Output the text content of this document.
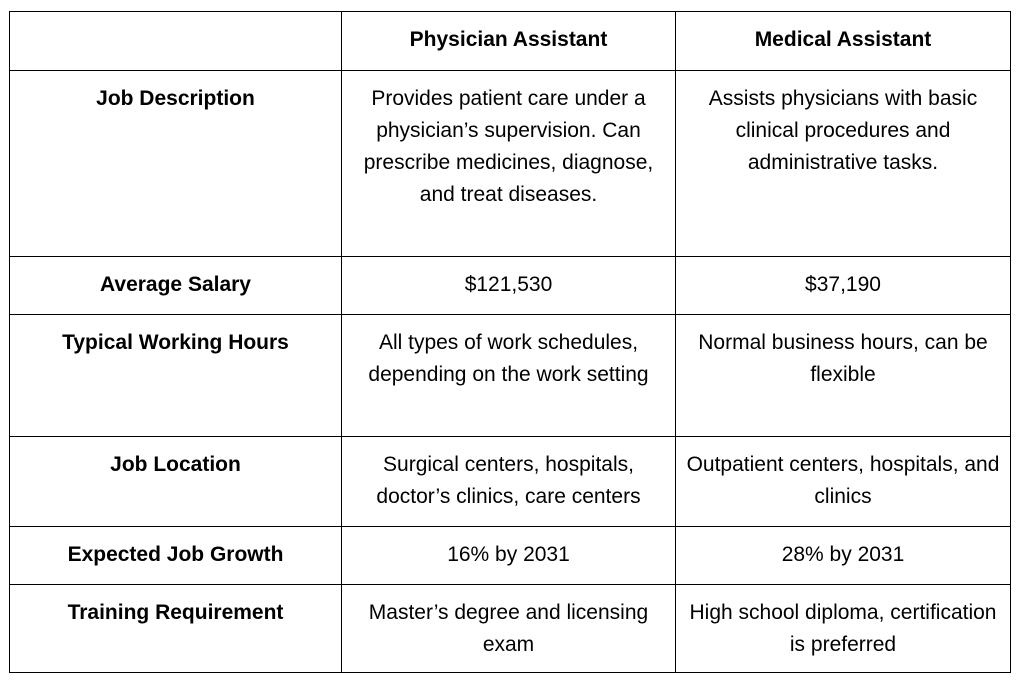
	Physician Assistant	Medical Assistant
Job Description	Provides patient care under a physician’s supervision. Can prescribe medicines, diagnose, and treat diseases.	Assists physicians with basic clinical procedures and administrative tasks.
Average Salary	$121,530	$37,190
Typical Working Hours	All types of work schedules, depending on the work setting	Normal business hours, can be flexible
Job Location	Surgical centers, hospitals, doctor’s clinics, care centers	Outpatient centers, hospitals, and clinics
Expected Job Growth	16% by 2031	28% by 2031
Training Requirement	Master’s degree and licensing exam	High school diploma, certification is preferred
